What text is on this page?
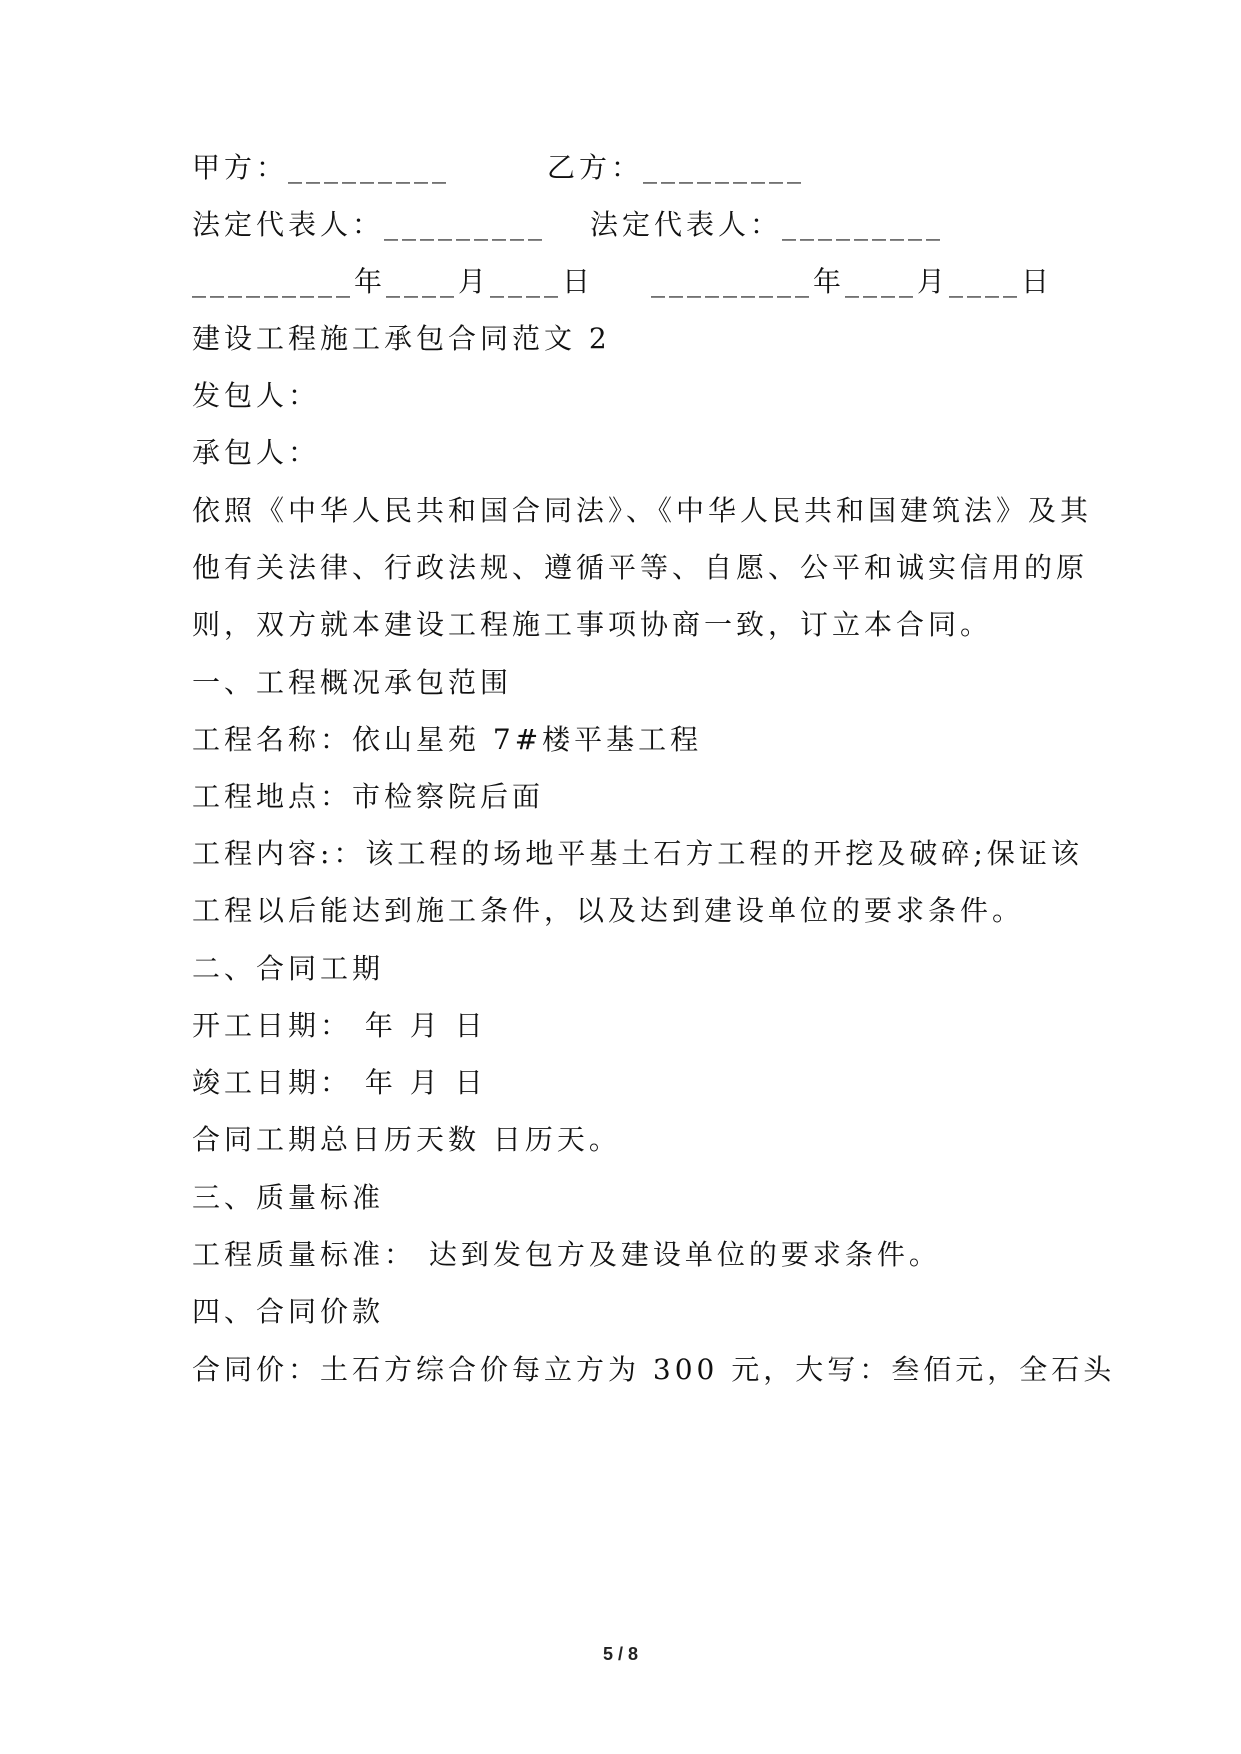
甲方：_________	乙方：_________
法定代表人：_________ 法定代表人：_________
_________年____月____日 _________年____月____日
建设工程施工承包合同范文 2
发包人：
承包人：
依照《中华人民共和国合同法》、《中华人民共和国建筑法》及其
他有关法律、行政法规、遵循平等、自愿、公平和诚实信用的原
则，双方就本建设工程施工事项协商一致，订立本合同。
一、工程概况承包范围
工程名称：依山星苑 7#楼平基工程
工程地点：市检察院后面
工程内容:：该工程的场地平基土石方工程的开挖及破碎;保证该
工程以后能达到施工条件，以及达到建设单位的要求条件。
二、合同工期
开工日期： 年 月 日
竣工日期： 年 月 日
合同工期总日历天数 日历天。
三、质量标准
工程质量标准： 达到发包方及建设单位的要求条件。
四、合同价款
合同价：土石方综合价每立方为 300 元，大写：叁佰元，全石头
5 / 8
